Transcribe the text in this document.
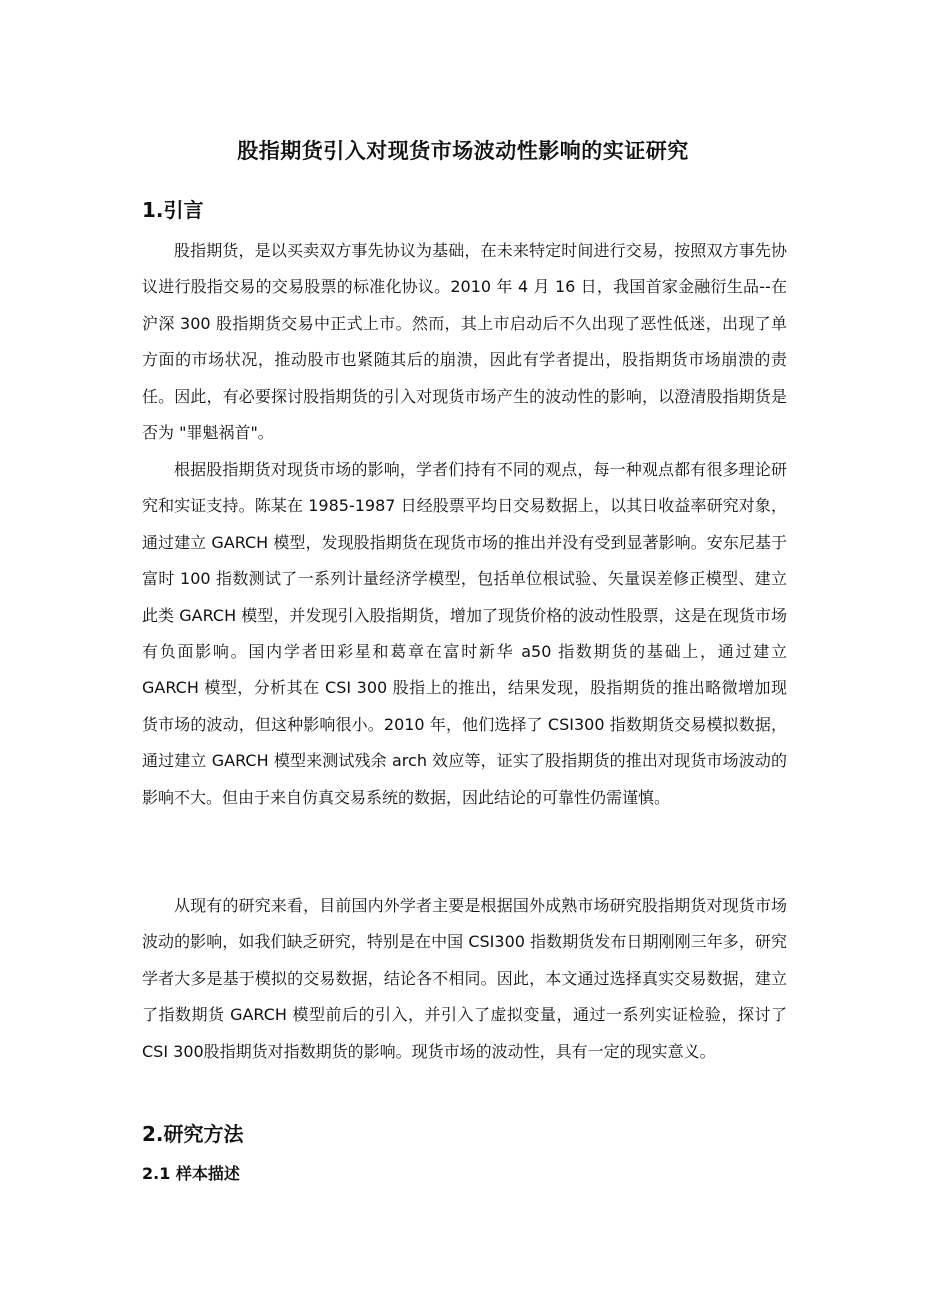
股指期货引入对现货市场波动性影响的实证研究
1.引言

股指期货，是以买卖双方事先协议为基础，在未来特定时间进行交易，按照双方事先协议进行股指交易的交易股票的标准化协议。2010 年 4 月 16 日，我国首家金融衍生品--在沪深 300 股指期货交易中正式上市。然而，其上市启动后不久出现了恶性低迷，出现了单方面的市场状况，推动股市也紧随其后的崩溃，因此有学者提出，股指期货市场崩溃的责任。因此，有必要探讨股指期货的引入对现货市场产生的波动性的影响，以澄清股指期货是否为 "罪魁祸首"。

根据股指期货对现货市场的影响，学者们持有不同的观点，每一种观点都有很多理论研究和实证支持。陈某在 1985-1987 日经股票平均日交易数据上，以其日收益率研究对象，通过建立 GARCH 模型，发现股指期货在现货市场的推出并没有受到显著影响。安东尼基于富时 100 指数测试了一系列计量经济学模型，包括单位根试验、矢量误差修正模型、建立此类 GARCH 模型，并发现引入股指期货，增加了现货价格的波动性股票，这是在现货市场有负面影响。国内学者田彩星和葛章在富时新华 a50 指数期货的基础上，通过建立 GARCH 模型，分析其在 CSI 300 股指上的推出，结果发现，股指期货的推出略微增加现货市场的波动，但这种影响很小。2010 年，他们选择了 CSI300 指数期货交易模拟数据，通过建立 GARCH 模型来测试残余 arch 效应等，证实了股指期货的推出对现货市场波动的影响不大。但由于来自仿真交易系统的数据，因此结论的可靠性仍需谨慎。

从现有的研究来看，目前国内外学者主要是根据国外成熟市场研究股指期货对现货市场波动的影响，如我们缺乏研究，特别是在中国 CSI300 指数期货发布日期刚刚三年多，研究学者大多是基于模拟的交易数据，结论各不相同。因此，本文通过选择真实交易数据，建立了指数期货 GARCH 模型前后的引入，并引入了虚拟变量，通过一系列实证检验，探讨了 CSI 300股指期货对指数期货的影响。现货市场的波动性，具有一定的现实意义。

2.研究方法
2.1 样本描述
